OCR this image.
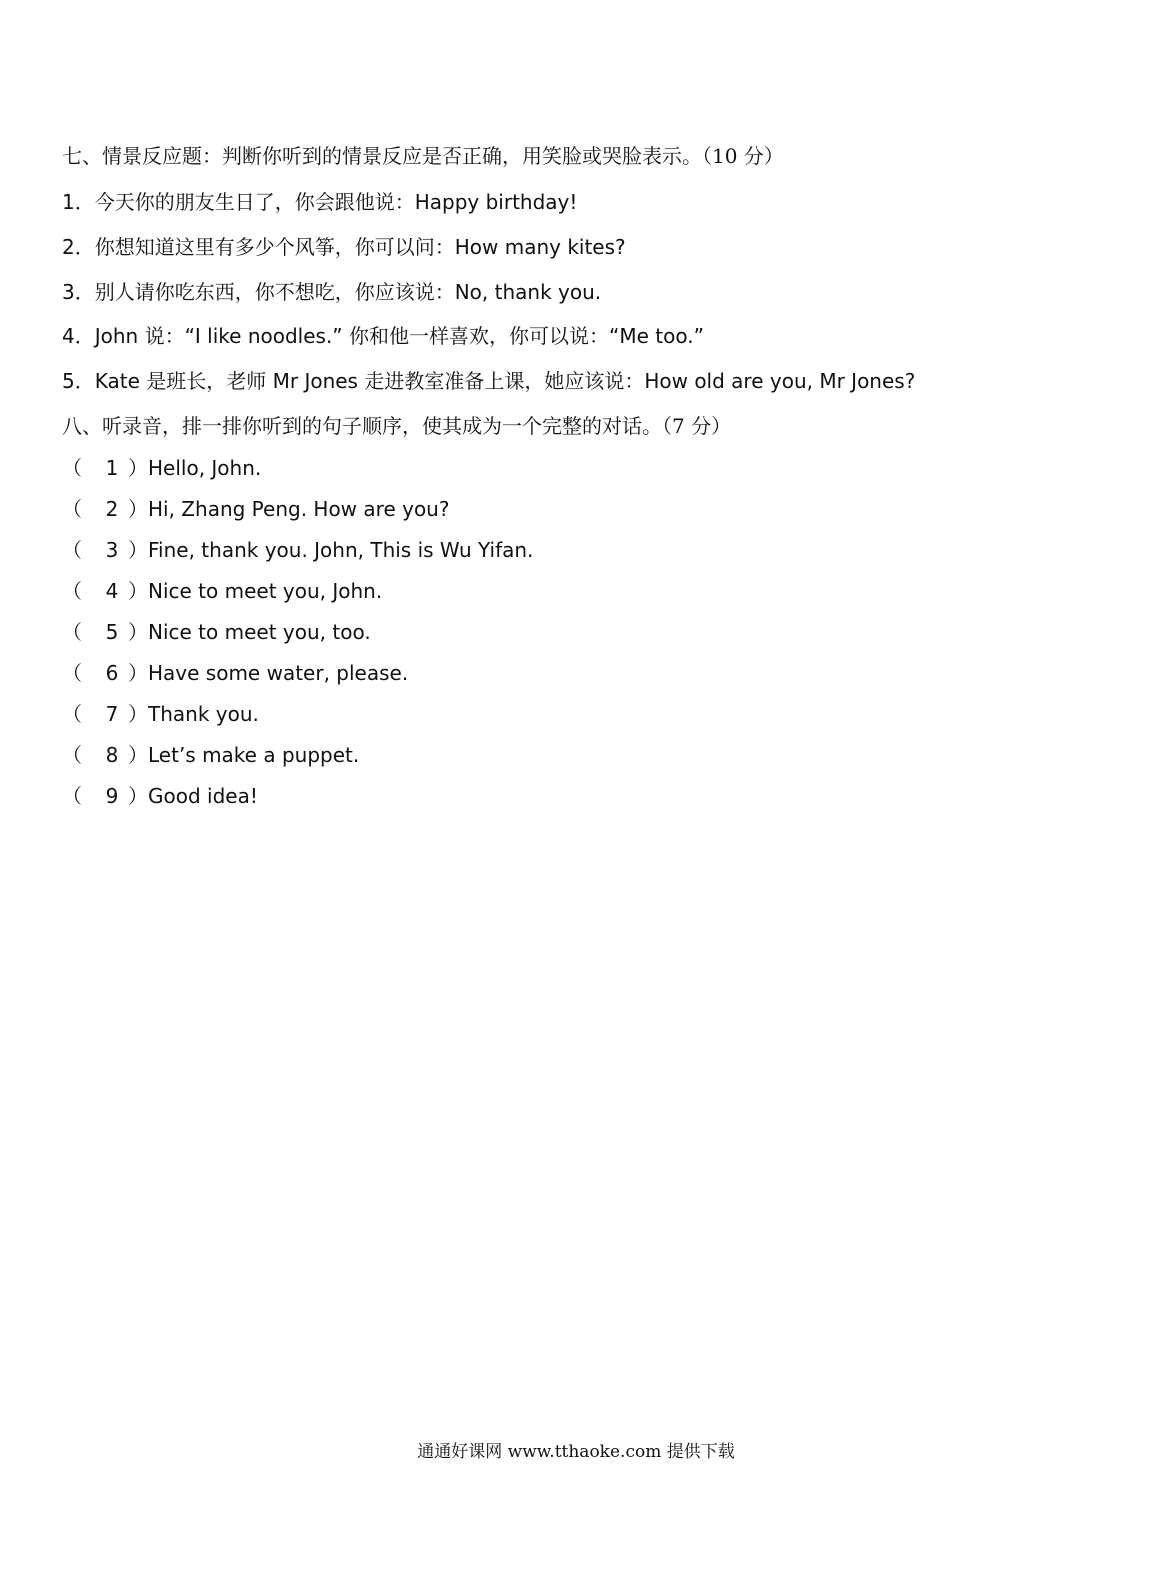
七、情景反应题：判断你听到的情景反应是否正确，用笑脸或哭脸表示。（10 分）
1．今天你的朋友生日了，你会跟他说：Happy birthday!
2．你想知道这里有多少个风筝，你可以问：How many kites?
3．别人请你吃东西，你不想吃，你应该说：No, thank you.
4．John 说：“I like noodles.” 你和他一样喜欢，你可以说：“Me too.”
5．Kate 是班长，老师 Mr Jones 走进教室准备上课，她应该说：How old are you, Mr Jones?
八、听录音，排一排你听到的句子顺序，使其成为一个完整的对话。（7 分）
（ 1 ）Hello, John.
（ 2 ）Hi, Zhang Peng. How are you?
（ 3 ）Fine, thank you. John, This is Wu Yifan.
（ 4 ）Nice to meet you, John.
（ 5 ）Nice to meet you, too.
（ 6 ）Have some water, please.
（ 7 ）Thank you.
（ 8 ）Let’s make a puppet.
（ 9 ）Good idea!
通通好课网 www.tthaoke.com 提供下载
